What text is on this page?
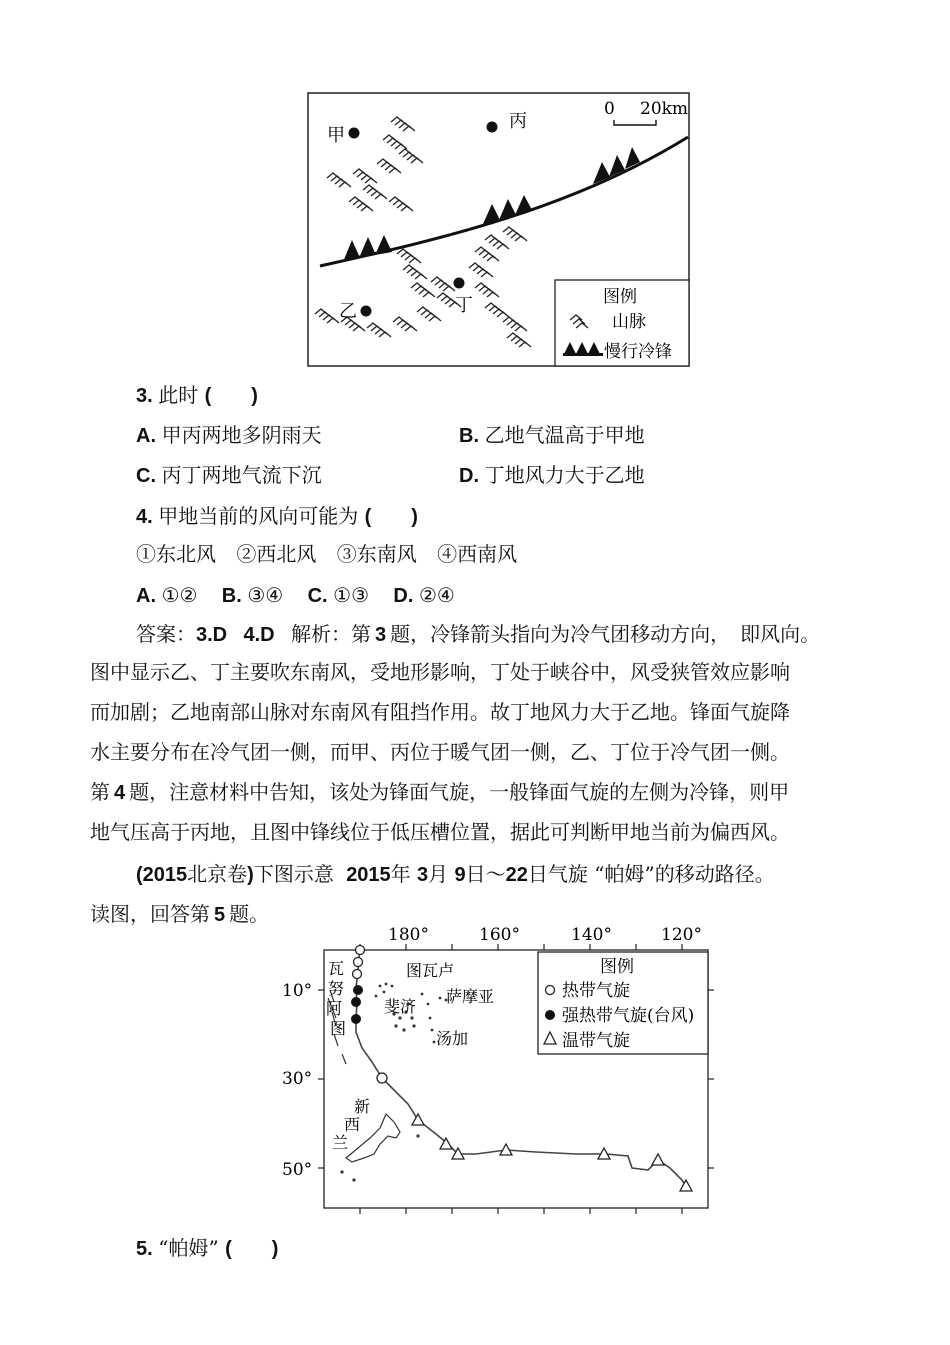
甲
丙
乙	丁
0 20km
图例
山脉
慢行冷锋
3. 此时 (　　)
A. 甲丙两地多阴雨天	B. 乙地气温高于甲地
C. 丙丁两地气流下沉	D. 丁地风力大于乙地
4. 甲地当前的风向可能为 (　　)
①东北风 ②西北风 ③东南风 ④西南风
A. ①② B. ③④ C. ①③ D. ②④
答案：3.D 4.D 解析：第 3 题，冷锋箭头指向为冷气团移动方向，　即风向。
图中显示乙、丁主要吹东南风，受地形影响，丁处于峡谷中，风受狭管效应影响
而加剧；乙地南部山脉对东南风有阻挡作用。故丁地风力大于乙地。锋面气旋降
水主要分布在冷气团一侧，而甲、丙位于暖气团一侧，乙、丁位于冷气团一侧。
第 4 题，注意材料中告知，该处为锋面气旋，一般锋面气旋的左侧为冷锋，则甲
地气压高于丙地，且图中锋线位于低压槽位置，据此可判断甲地当前为偏西风。
(2015北京卷)下图示意 2015年 3月 9日～22日气旋 “帕姆”的移动路径。
读图，回答第 5 题。
180°	160°	140°	120°
10°
30°
50°
瓦
努
阿
图
新
西
兰
图瓦卢
萨摩亚
斐济
汤加
图例
热带气旋
强热带气旋(台风)
温带气旋
5. “帕姆” (　　)
